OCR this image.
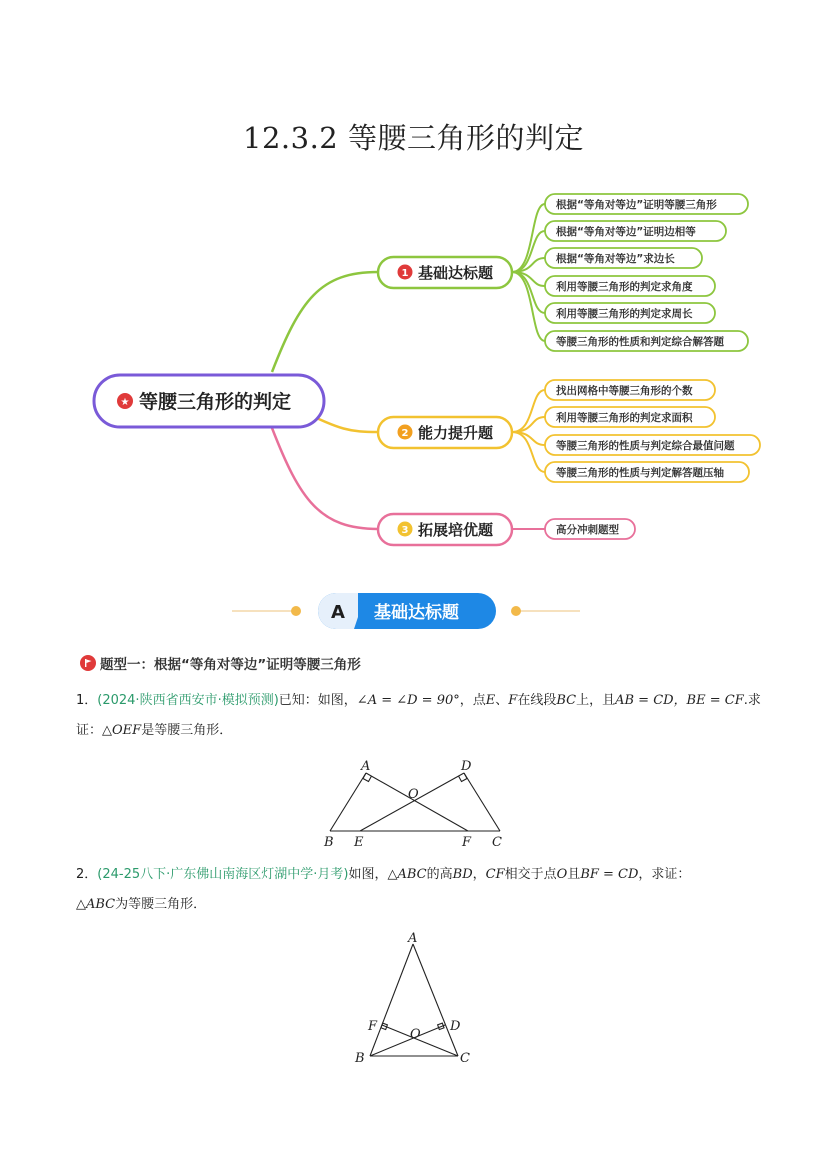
12.3.2 等腰三角形的判定
★ 等腰三角形的判定
1 基础达标题
2 能力提升题
3 拓展培优题
根据“等角对等边”证明等腰三角形
根据“等角对等边”证明边相等
根据“等角对等边”求边长
利用等腰三角形的判定求角度
利用等腰三角形的判定求周长
等腰三角形的性质和判定综合解答题
找出网格中等腰三角形的个数
利用等腰三角形的判定求面积
等腰三角形的性质与判定综合最值问题
等腰三角形的性质与判定解答题压轴
高分冲刺题型
A 基础达标题
题型一：根据“等角对等边”证明等腰三角形
1．(2024·陕西省西安市·模拟预测)已知：如图，∠A = ∠D = 90°，点E、F在线段BC上，且AB = CD，BE = CF.求
证：△OEF是等腰三角形．
A	D
O
B E	F C
2．(24-25八下·广东佛山南海区灯湖中学·月考)如图，△ABC的高BD，CF相交于点O且BF = CD，求证：
△ABC为等腰三角形．
A
F	D
O
B	C
